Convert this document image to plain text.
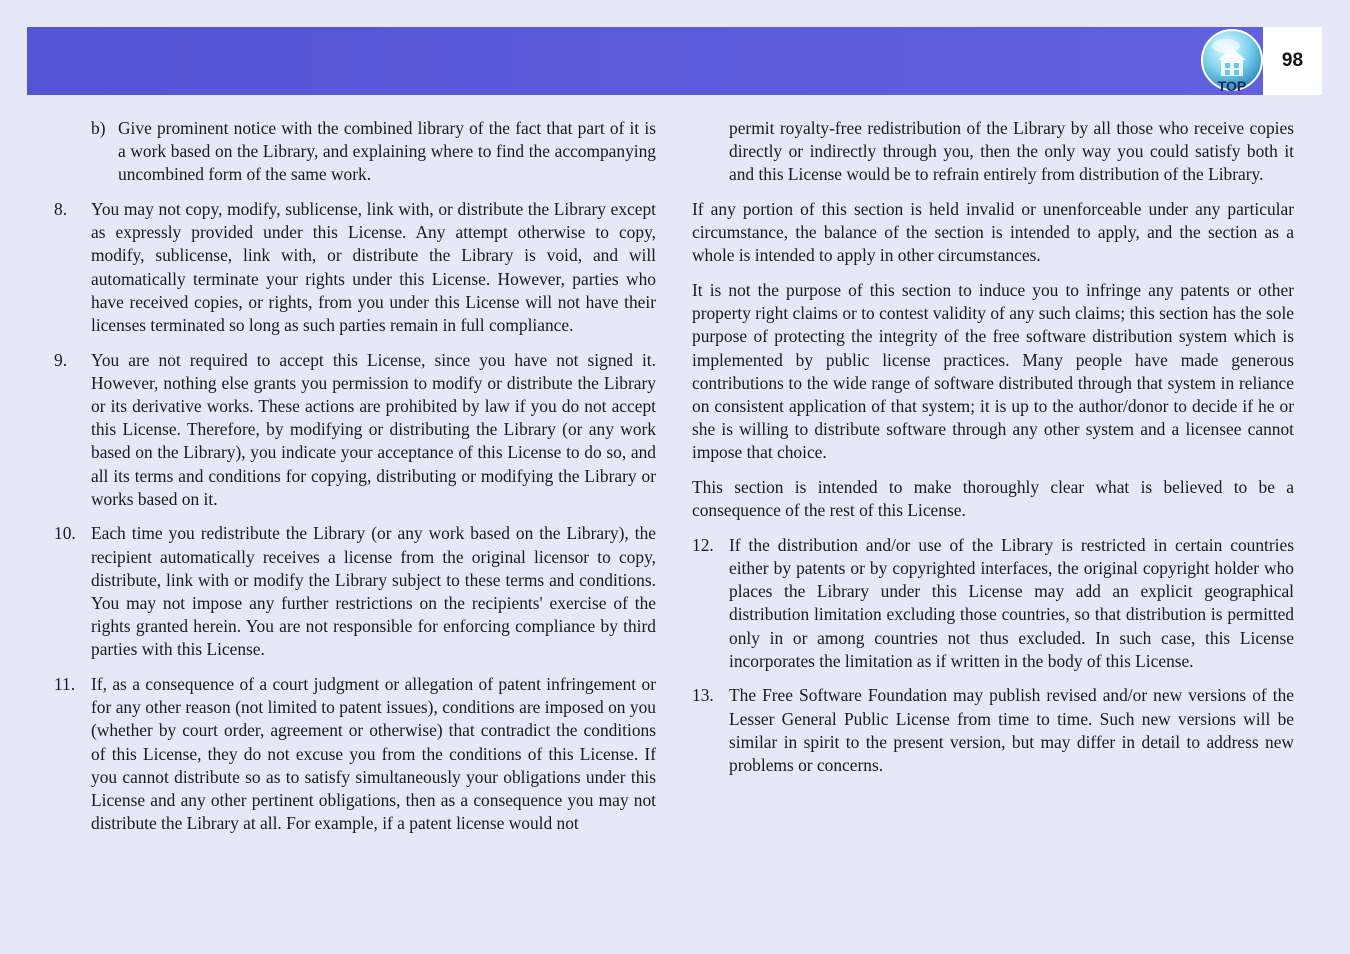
TOP
98
b) Give prominent notice with the combined library of the fact that part of it is a work based on the Library, and explaining where to find the accompanying uncombined form of the same work.

8. You may not copy, modify, sublicense, link with, or distribute the Library except as expressly provided under this License. Any attempt otherwise to copy, modify, sublicense, link with, or distribute the Library is void, and will automatically terminate your rights under this License. However, parties who have received copies, or rights, from you under this License will not have their licenses terminated so long as such parties remain in full compliance.

9. You are not required to accept this License, since you have not signed it. However, nothing else grants you permission to modify or distribute the Library or its derivative works. These actions are prohibited by law if you do not accept this License. Therefore, by modifying or distributing the Library (or any work based on the Library), you indicate your acceptance of this License to do so, and all its terms and conditions for copying, distributing or modifying the Library or works based on it.

10. Each time you redistribute the Library (or any work based on the Library), the recipient automatically receives a license from the original licensor to copy, distribute, link with or modify the Library subject to these terms and conditions. You may not impose any further restrictions on the recipients' exercise of the rights granted herein. You are not responsible for enforcing compliance by third parties with this License.

11. If, as a consequence of a court judgment or allegation of patent infringement or for any other reason (not limited to patent issues), conditions are imposed on you (whether by court order, agreement or otherwise) that contradict the conditions of this License, they do not excuse you from the conditions of this License. If you cannot distribute so as to satisfy simultaneously your obligations under this License and any other pertinent obligations, then as a consequence you may not distribute the Library at all. For example, if a patent license would not

permit royalty-free redistribution of the Library by all those who receive copies directly or indirectly through you, then the only way you could satisfy both it and this License would be to refrain entirely from distribution of the Library.

If any portion of this section is held invalid or unenforceable under any particular circumstance, the balance of the section is intended to apply, and the section as a whole is intended to apply in other circumstances.

It is not the purpose of this section to induce you to infringe any patents or other property right claims or to contest validity of any such claims; this section has the sole purpose of protecting the integrity of the free software distribution system which is implemented by public license practices. Many people have made generous contributions to the wide range of software distributed through that system in reliance on consistent application of that system; it is up to the author/donor to decide if he or she is willing to distribute software through any other system and a licensee cannot impose that choice.

This section is intended to make thoroughly clear what is believed to be a consequence of the rest of this License.

12. If the distribution and/or use of the Library is restricted in certain countries either by patents or by copyrighted interfaces, the original copyright holder who places the Library under this License may add an explicit geographical distribution limitation excluding those countries, so that distribution is permitted only in or among countries not thus excluded. In such case, this License incorporates the limitation as if written in the body of this License.

13. The Free Software Foundation may publish revised and/or new versions of the Lesser General Public License from time to time. Such new versions will be similar in spirit to the present version, but may differ in detail to address new problems or concerns.
